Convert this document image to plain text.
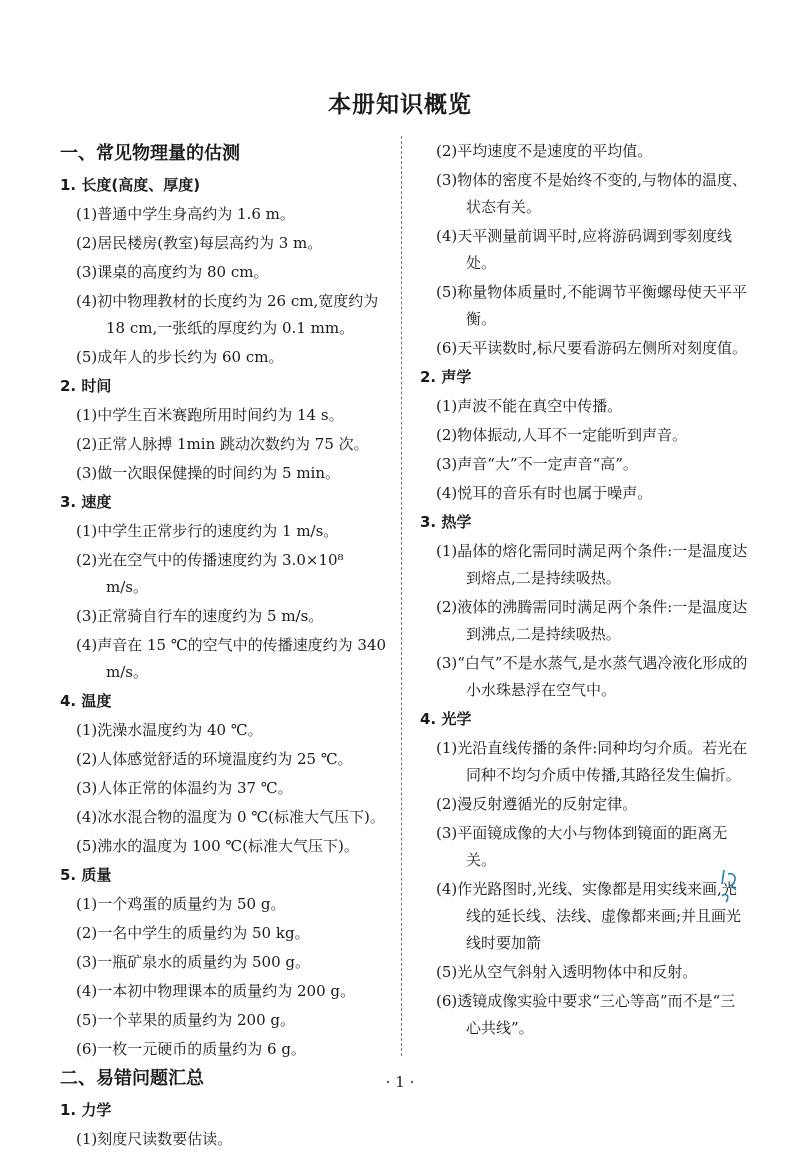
本册知识概览
一、常见物理量的估测
1. 长度(高度、厚度)
(1)普通中学生身高约为 1.6 m。
(2)居民楼房(教室)每层高约为 3 m。
(3)课桌的高度约为 80 cm。
(4)初中物理教材的长度约为 26 cm,宽度约为 18 cm,一张纸的厚度约为 0.1 mm。
(5)成年人的步长约为 60 cm。
2. 时间
(1)中学生百米赛跑所用时间约为 14 s。
(2)正常人脉搏 1min 跳动次数约为 75 次。
(3)做一次眼保健操的时间约为 5 min。
3. 速度
(1)中学生正常步行的速度约为 1 m/s。
(2)光在空气中的传播速度约为 3.0×10⁸ m/s。
(3)正常骑自行车的速度约为 5 m/s。
(4)声音在 15 ℃的空气中的传播速度约为 340 m/s。
4. 温度
(1)洗澡水温度约为 40 ℃。
(2)人体感觉舒适的环境温度约为 25 ℃。
(3)人体正常的体温约为 37 ℃。
(4)冰水混合物的温度为 0 ℃(标准大气压下)。
(5)沸水的温度为 100 ℃(标准大气压下)。
5. 质量
(1)一个鸡蛋的质量约为 50 g。
(2)一名中学生的质量约为 50 kg。
(3)一瓶矿泉水的质量约为 500 g。
(4)一本初中物理课本的质量约为 200 g。
(5)一个苹果的质量约为 200 g。
(6)一枚一元硬币的质量约为 6 g。
二、易错问题汇总
1. 力学
(1)刻度尺读数要估读。
(2)平均速度不是速度的平均值。
(3)物体的密度不是始终不变的,与物体的温度、状态有关。
(4)天平测量前调平时,应将游码调到零刻度线处。
(5)称量物体质量时,不能调节平衡螺母使天平平衡。
(6)天平读数时,标尺要看游码左侧所对刻度值。
2. 声学
(1)声波不能在真空中传播。
(2)物体振动,人耳不一定能听到声音。
(3)声音“大”不一定声音“高”。
(4)悦耳的音乐有时也属于噪声。
3. 热学
(1)晶体的熔化需同时满足两个条件:一是温度达到熔点,二是持续吸热。
(2)液体的沸腾需同时满足两个条件:一是温度达到沸点,二是持续吸热。
(3)“白气”不是水蒸气,是水蒸气遇冷液化形成的小水珠悬浮在空气中。
4. 光学
(1)光沿直线传播的条件:同种均匀介质。若光在同种不均匀介质中传播,其路径发生偏折。
(2)漫反射遵循光的反射定律。
(3)平面镜成像的大小与物体到镜面的距离无关。
(4)作光路图时,光线、实像都是用实线来画,光线的延长线、法线、虚像都来画;并且画光线时要加箭
(5)光从空气斜射入透明物体中和反射。
(6)透镜成像实验中要求“三心等高”而不是“三心共线”。
· 1 ·
